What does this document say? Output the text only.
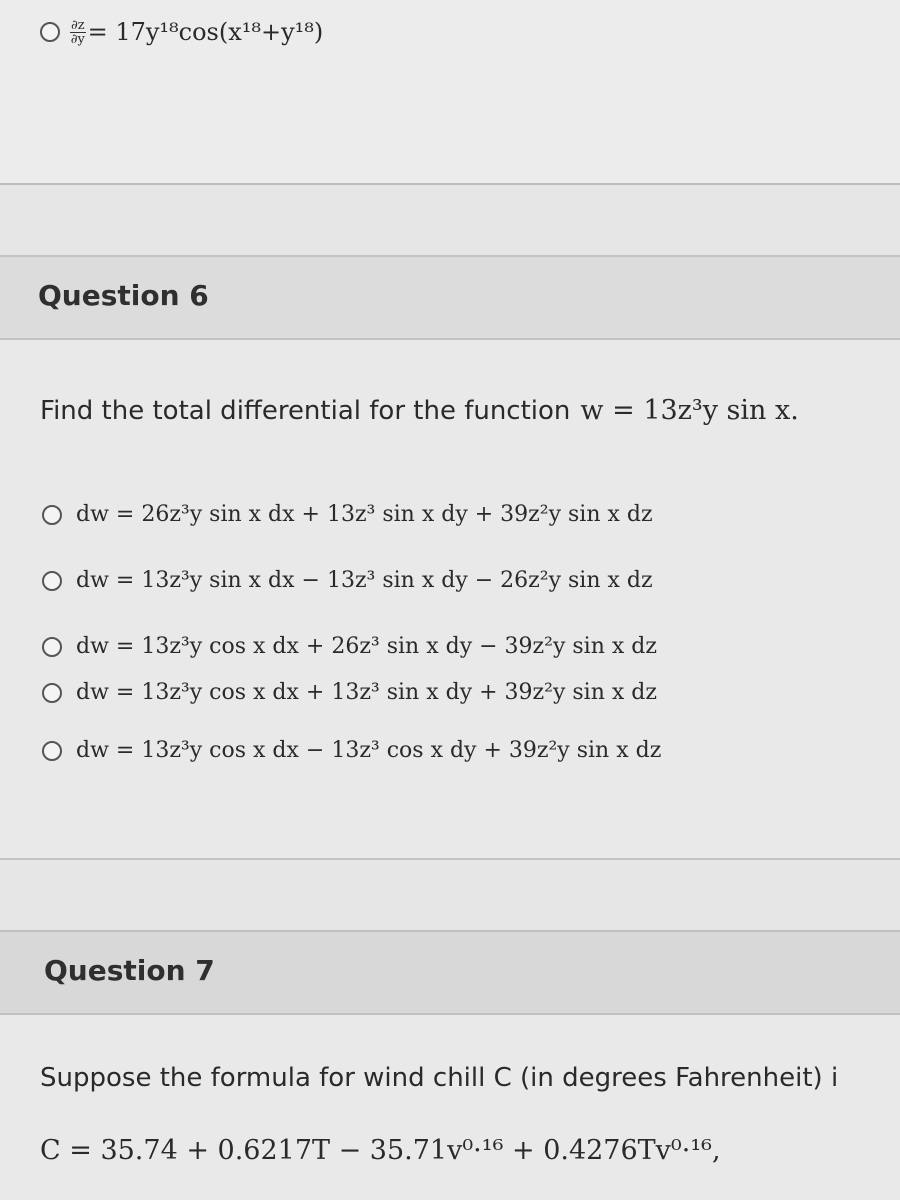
$\frac{\partial z}{\partial y} = 17y^{18}\cos(x^{18}+y^{18})$
Question 6
Find the total differential for the function w = 13z³y sin x.
dw = 26z³y sin x dx + 13z³ sin x dy + 39z²y sin x dz
dw = 13z³y sin x dx − 13z³ sin x dy − 26z²y sin x dz
dw = 13z³y cos x dx + 26z³ sin x dy − 39z²y sin x dz
dw = 13z³y cos x dx + 13z³ sin x dy + 39z²y sin x dz
dw = 13z³y cos x dx − 13z³ cos x dy + 39z²y sin x dz
Question 7
Suppose the formula for wind chill C (in degrees Fahrenheit) i
C = 35.74 + 0.6217T − 35.71v⁰·¹⁶ + 0.4276Tv⁰·¹⁶,
